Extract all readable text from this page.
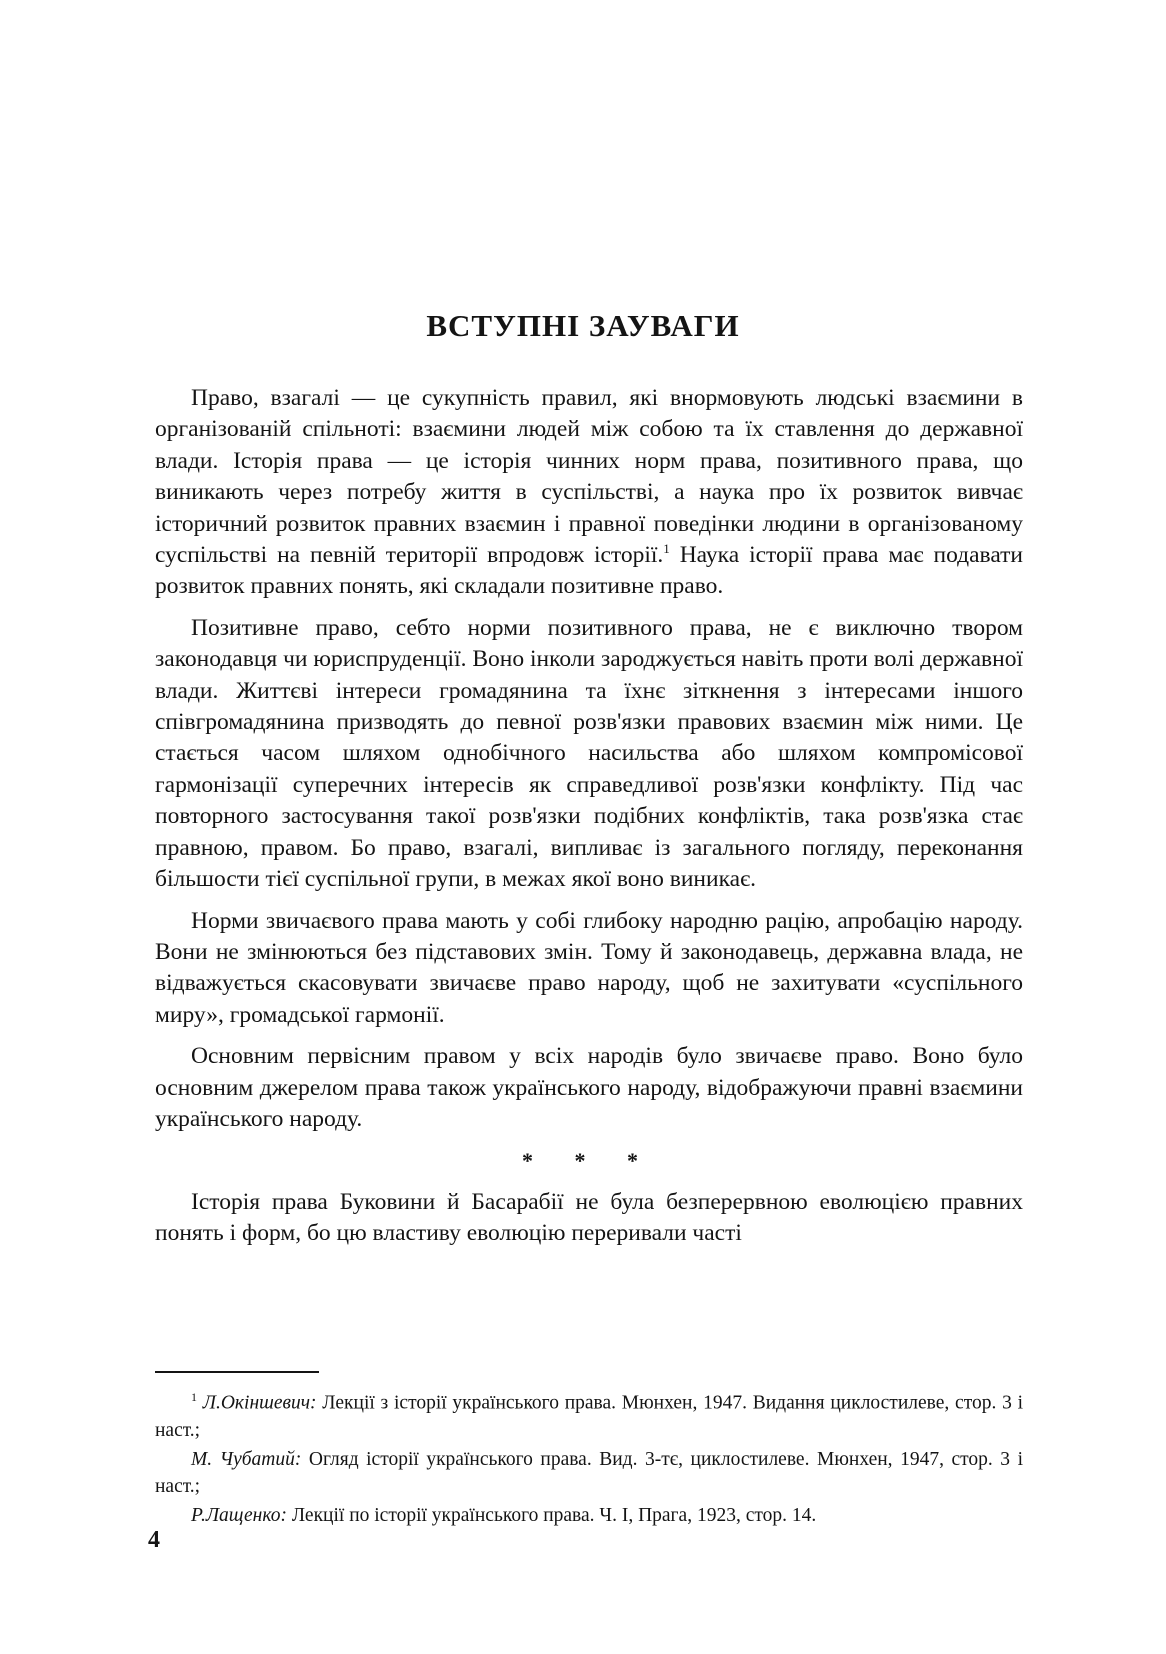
ВСТУПНІ ЗАУВАГИ

Право, взагалі — це сукупність правил, які внормовують людські взаємини в організованій спільноті: взаємини людей між собою та їх ставлення до державної влади. Історія права — це історія чинних норм права, позитивного права, що виникають через потребу життя в суспільстві, а наука про їх розвиток вивчає історичний розвиток правних взаємин і правної поведінки людини в організованому суспільстві на певній території впродовж історії.$^1$ Наука історії права має подавати розвиток правних понять, які складали позитивне право.

Позитивне право, себто норми позитивного права, не є виключно твором законодавця чи юриспруденції. Воно інколи зароджується навіть проти волі державної влади. Життєві інтереси громадянина та їхнє зіткнення з інтересами іншого співгромадянина призводять до певної розв'язки правових взаємин між ними. Це стається часом шляхом однобічного насильства або шляхом компромісової гармонізації суперечних інтересів як справедливої розв'язки конфлікту. Під час повторного застосування такої розв'язки подібних конфліктів, така розв'язка стає правною, правом. Бо право, взагалі, випливає із загального погляду, переконання більшости тієї суспільної групи, в межах якої воно виникає.

Норми звичаєвого права мають у собі глибоку народню рацію, апробацію народу. Вони не змінюються без підставових змін. Тому й законодавець, державна влада, не відважується скасовувати звичаєве право народу, щоб не захитувати «суспільного миру», громадської гармонії.

Основним первісним правом у всіх народів було звичаєве право. Воно було основним джерелом права також українського народу, відображуючи правні взаємини українського народу.

* * *

Історія права Буковини й Басарабії не була безперервною еволюцією правних понять і форм, бо цю властиву еволюцію переривали часті

$^1$ Л.Окіншевич: Лекції з історії українського права. Мюнхен, 1947. Видання циклостилеве, стор. 3 і наст.;

М. Чубатий: Огляд історії українського права. Вид. 3-тє, циклостилеве. Мюнхен, 1947, стор. 3 і наст.;

Р.Лащенко: Лекції по історії українського права. Ч. І, Прага, 1923, стор. 14.

4
